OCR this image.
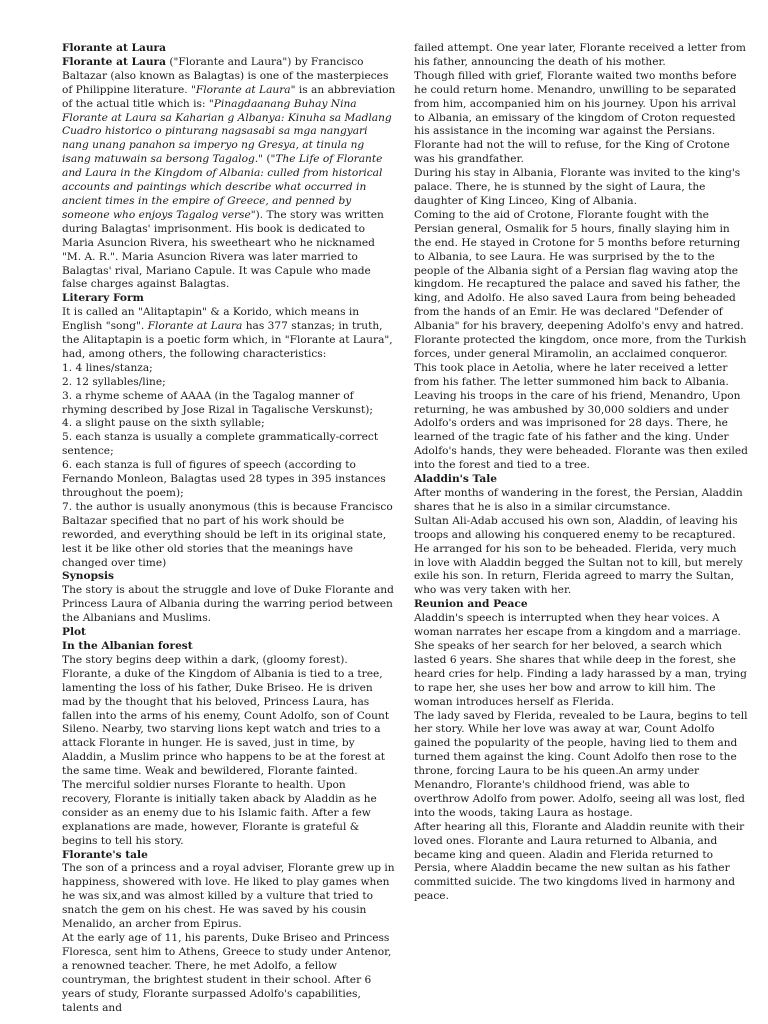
Florante at Laura

Florante at Laura ("Florante and Laura") by Francisco Baltazar (also known as Balagtas) is one of the masterpieces of Philippine literature. "Florante at Laura" is an abbreviation of the actual title which is: "Pinagdaanang Buhay Nina Florante at Laura sa Kaharian g Albanya: Kinuha sa Madlang Cuadro historico o pinturang nagsasabi sa mga nangyari nang unang panahon sa imperyo ng Gresya, at tinula ng isang matuwain sa bersong Tagalog." ("The Life of Florante and Laura in the Kingdom of Albania: culled from historical accounts and paintings which describe what occurred in ancient times in the empire of Greece, and penned by someone who enjoys Tagalog verse"). The story was written during Balagtas' imprisonment. His book is dedicated to Maria Asuncion Rivera, his sweetheart who he nicknamed "M. A. R.". Maria Asuncion Rivera was later married to Balagtas' rival, Mariano Capule. It was Capule who made false charges against Balagtas.

Literary Form

It is called an "Alitaptapin" & a Korido, which means in English "song". Florante at Laura has 377 stanzas; in truth, the Alitaptapin is a poetic form which, in "Florante at Laura", had, among others, the following characteristics:

1. 4 lines/stanza;

2. 12 syllables/line;

3. a rhyme scheme of AAAA (in the Tagalog manner of rhyming described by Jose Rizal in Tagalische Verskunst);

4. a slight pause on the sixth syllable;

5. each stanza is usually a complete grammatically-correct sentence;

6. each stanza is full of figures of speech (according to Fernando Monleon, Balagtas used 28 types in 395 instances throughout the poem);

7. the author is usually anonymous (this is because Francisco Baltazar specified that no part of his work should be reworded, and everything should be left in its original state, lest it be like other old stories that the meanings have changed over time)

Synopsis

The story is about the struggle and love of Duke Florante and Princess Laura of Albania during the warring period between the Albanians and Muslims.

Plot
In the Albanian forest

The story begins deep within a dark, (gloomy forest). Florante, a duke of the Kingdom of Albania is tied to a tree, lamenting the loss of his father, Duke Briseo. He is driven mad by the thought that his beloved, Princess Laura, has fallen into the arms of his enemy, Count Adolfo, son of Count Sileno. Nearby, two starving lions kept watch and tries to a attack Florante in hunger. He is saved, just in time, by Aladdin, a Muslim prince who happens to be at the forest at the same time. Weak and bewildered, Florante fainted.

The merciful soldier nurses Florante to health. Upon recovery, Florante is initially taken aback by Aladdin as he consider as an enemy due to his Islamic faith. After a few explanations are made, however, Florante is grateful & begins to tell his story.

Florante's tale

The son of a princess and a royal adviser, Florante grew up in happiness, showered with love. He liked to play games when he was six,and was almost killed by a vulture that tried to snatch the gem on his chest. He was saved by his cousin Menalido, an archer from Epirus.

At the early age of 11, his parents, Duke Briseo and Princess Floresca, sent him to Athens, Greece to study under Antenor, a renowned teacher. There, he met Adolfo, a fellow countryman, the brightest student in their school. After 6 years of study, Florante surpassed Adolfo's capabilities, talents and

failed attempt. One year later, Florante received a letter from his father, announcing the death of his mother.

Though filled with grief, Florante waited two months before he could return home. Menandro, unwilling to be separated from him, accompanied him on his journey. Upon his arrival to Albania, an emissary of the kingdom of Croton requested his assistance in the incoming war against the Persians. Florante had not the will to refuse, for the King of Crotone was his grandfather.

During his stay in Albania, Florante was invited to the king's palace. There, he is stunned by the sight of Laura, the daughter of King Linceo, King of Albania.

Coming to the aid of Crotone, Florante fought with the Persian general, Osmalik for 5 hours, finally slaying him in the end. He stayed in Crotone for 5 months before returning to Albania, to see Laura. He was surprised by the to the people of the Albania sight of a Persian flag waving atop the kingdom. He recaptured the palace and saved his father, the king, and Adolfo. He also saved Laura from being beheaded from the hands of an Emir. He was declared "Defender of Albania" for his bravery, deepening Adolfo's envy and hatred.

Florante protected the kingdom, once more, from the Turkish forces, under general Miramolin, an acclaimed conqueror. This took place in Aetolia, where he later received a letter from his father. The letter summoned him back to Albania. Leaving his troops in the care of his friend, Menandro, Upon returning, he was ambushed by 30,000 soldiers and under Adolfo's orders and was imprisoned for 28 days. There, he learned of the tragic fate of his father and the king. Under Adolfo's hands, they were beheaded. Florante was then exiled into the forest and tied to a tree.

Aladdin's Tale

After months of wandering in the forest, the Persian, Aladdin shares that he is also in a similar circumstance.

Sultan Ali-Adab accused his own son, Aladdin, of leaving his troops and allowing his conquered enemy to be recaptured. He arranged for his son to be beheaded. Flerida, very much in love with Aladdin begged the Sultan not to kill, but merely exile his son. In return, Flerida agreed to marry the Sultan, who was very taken with her.

Reunion and Peace

Aladdin's speech is interrupted when they hear voices. A woman narrates her escape from a kingdom and a marriage. She speaks of her search for her beloved, a search which lasted 6 years. She shares that while deep in the forest, she heard cries for help. Finding a lady harassed by a man, trying to rape her, she uses her bow and arrow to kill him. The woman introduces herself as Flerida.

The lady saved by Flerida, revealed to be Laura, begins to tell her story. While her love was away at war, Count Adolfo gained the popularity of the people, having lied to them and turned them against the king. Count Adolfo then rose to the throne, forcing Laura to be his queen.An army under Menandro, Florante's childhood friend, was able to overthrow Adolfo from power. Adolfo, seeing all was lost, fled into the woods, taking Laura as hostage.

After hearing all this, Florante and Aladdin reunite with their loved ones. Florante and Laura returned to Albania, and became king and queen. Aladin and Flerida returned to Persia, where Aladdin became the new sultan as his father committed suicide. The two kingdoms lived in harmony and peace.
